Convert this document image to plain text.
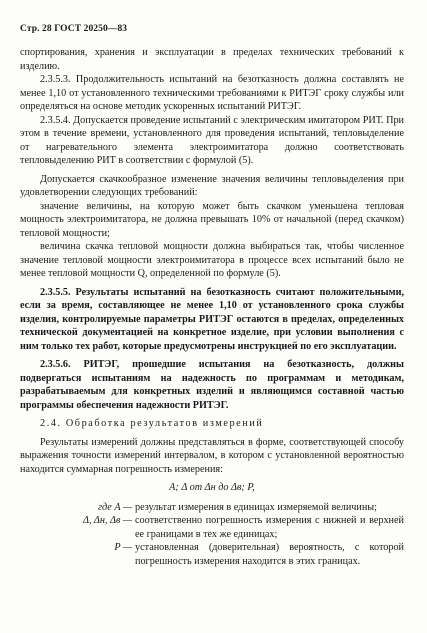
Стр. 28 ГОСТ 20250—83

спортирования, хранения и эксплуатации в пределах технических требований к изделию.

2.3.5.3. Продолжительность испытаний на безотказность должна составлять не менее 1,10 от установленного техническими требованиями к РИТЭГ сроку службы или определяться на основе методик ускоренных испытаний РИТЭГ.

2.3.5.4. Допускается проведение испытаний с электрическим имитатором РИТ. При этом в течение времени, установленного для проведения испытаний, тепловыделение от нагревательного элемента электроимитатора должно соответствовать тепловыделению РИТ в соответствии с формулой (5).

Допускается скачкообразное изменение значения величины тепловыделения при удовлетворении следующих требований:

значение величины, на которую может быть скачком уменьшена тепловая мощность электроимитатора, не должна превышать 10% от начальной (перед скачком) тепловой мощности;

величина скачка тепловой мощности должна выбираться так, чтобы численное значение тепловой мощности электроимитатора в процессе всех испытаний было не менее тепловой мощности Q, определенной по формуле (5).

2.3.5.5. Результаты испытаний на безотказность считают положительными, если за время, составляющее не менее 1,10 от установленного срока службы изделия, контролируемые параметры РИТЭГ остаются в пределах, определенных технической документацией на конкретное изделие, при условии выполнения с ним только тех работ, которые предусмотрены инструкцией по его эксплуатации.

2.3.5.6. РИТЭГ, прошедшие испытания на безотказность, должны подвергаться испытаниям на надежность по программам и методикам, разрабатываемым для конкретных изделий и являющимся составной частью программы обеспечения надежности РИТЭГ.

2.4. Обработка результатов измерений

Результаты измерений должны представляться в форме, соответствующей способу выражения точности измерений интервалом, в котором с установленной вероятностью находится суммарная погрешность измерения:

A; Δ от Δн до Δв; P,

где A — результат измерения в единицах измеряемой величины;
Δ, Δн, Δв — соответственно погрешность измерения с нижней и верхней ее границами в тех же единицах;
P — установленная (доверительная) вероятность, с которой погрешность измерения находится в этих границах.
